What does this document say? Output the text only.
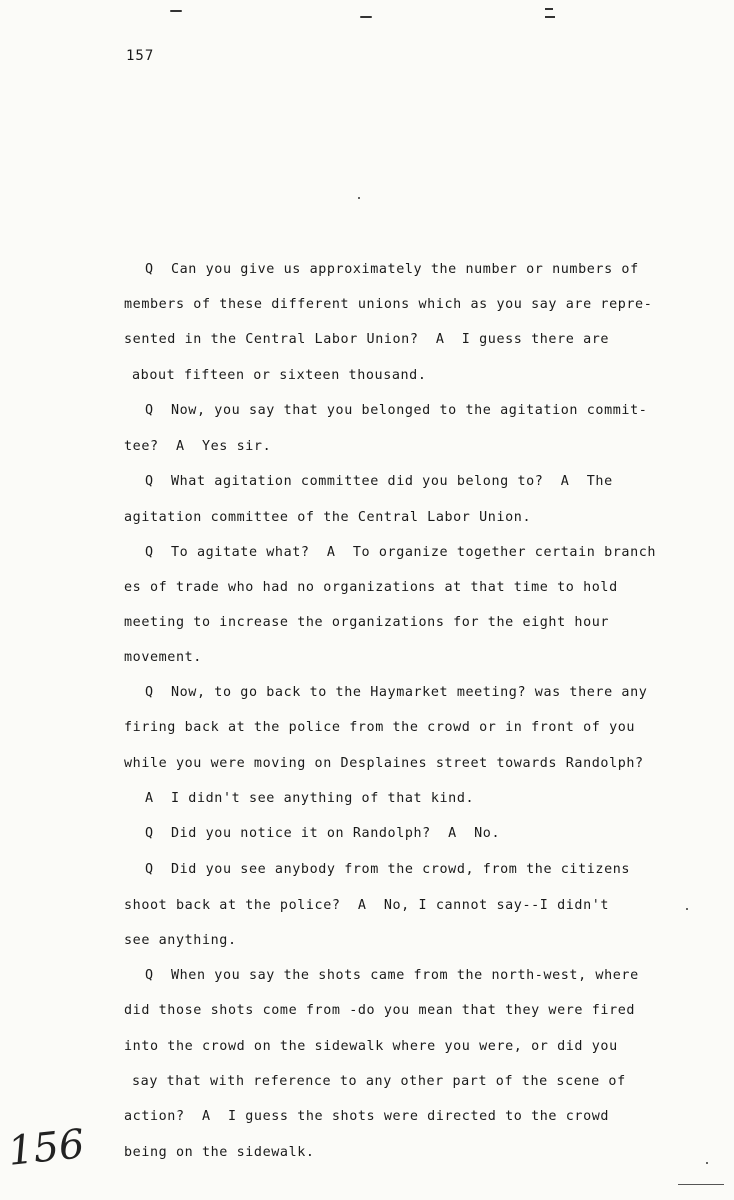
157
Q  Can you give us approximately the number or numbers of
members of these different unions which as you say are repre-
sented in the Central Labor Union?  A  I guess there are
about fifteen or sixteen thousand.
Q  Now, you say that you belonged to the agitation commit-
tee?  A  Yes sir.
Q  What agitation committee did you belong to?  A  The
agitation committee of the Central Labor Union.
Q  To agitate what?  A  To organize together certain branch
es of trade who had no organizations at that time to hold
meeting to increase the organizations for the eight hour
movement.
Q  Now, to go back to the Haymarket meeting? was there any
firing back at the police from the crowd or in front of you
while you were moving on Desplaines street towards Randolph?
A  I didn't see anything of that kind.
Q  Did you notice it on Randolph?  A  No.
Q  Did you see anybody from the crowd, from the citizens
shoot back at the police?  A  No, I cannot say--I didn't
see anything.
Q  When you say the shots came from the north-west, where
did those shots come from -do you mean that they were fired
into the crowd on the sidewalk where you were, or did you
say that with reference to any other part of the scene of
action?  A  I guess the shots were directed to the crowd
being on the sidewalk.
156
